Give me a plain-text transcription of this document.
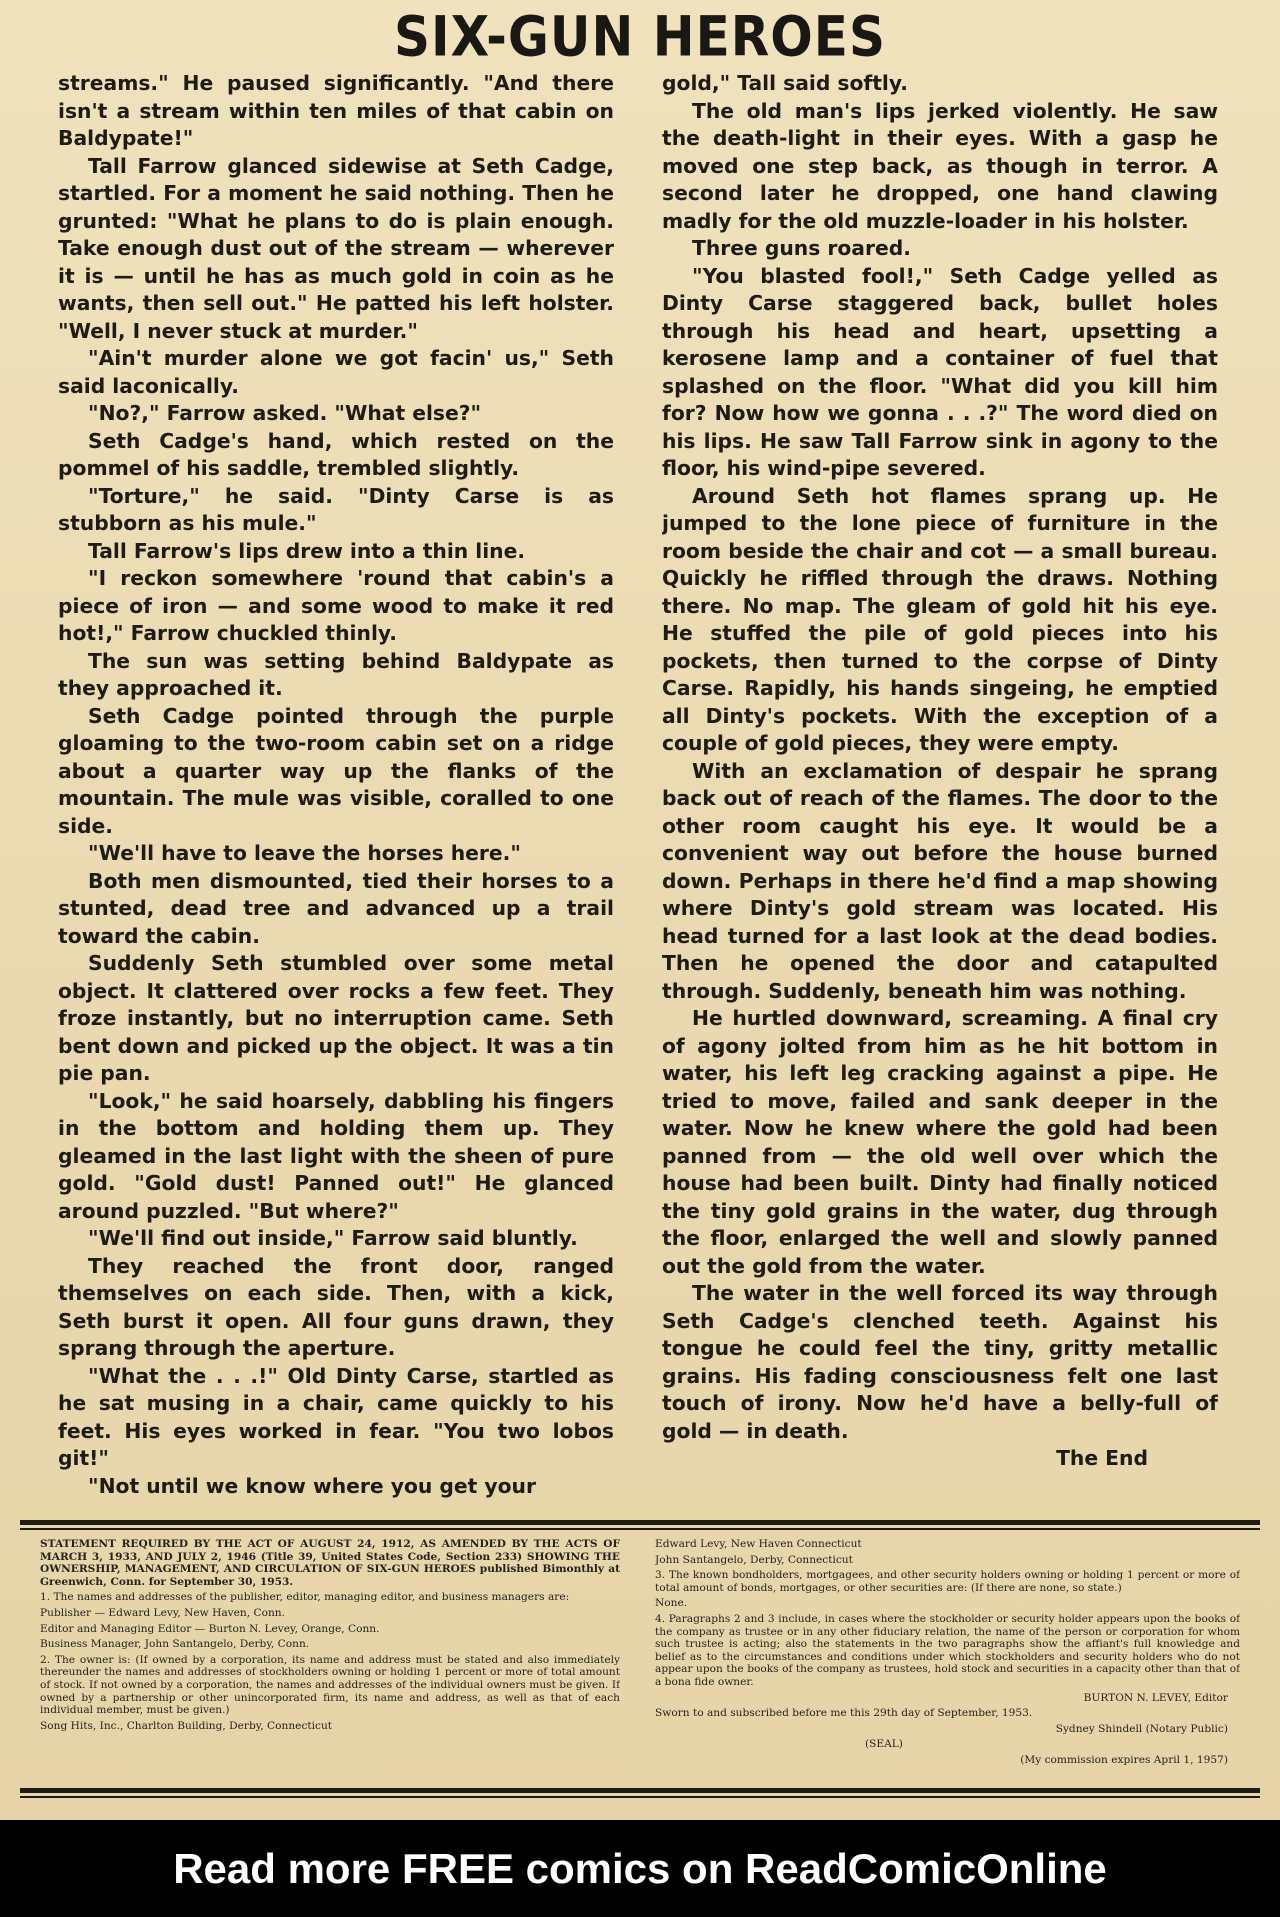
SIX-GUN HEROES

streams." He paused significantly. "And there isn't a stream within ten miles of that cabin on Baldypate!"

Tall Farrow glanced sidewise at Seth Cadge, startled. For a moment he said nothing. Then he grunted: "What he plans to do is plain enough. Take enough dust out of the stream — wherever it is — until he has as much gold in coin as he wants, then sell out." He patted his left holster. "Well, I never stuck at murder."

"Ain't murder alone we got facin' us," Seth said laconically.

"No?," Farrow asked. "What else?"

Seth Cadge's hand, which rested on the pommel of his saddle, trembled slightly.

"Torture," he said. "Dinty Carse is as stubborn as his mule."

Tall Farrow's lips drew into a thin line.

"I reckon somewhere 'round that cabin's a piece of iron — and some wood to make it red hot!," Farrow chuckled thinly.

The sun was setting behind Baldypate as they approached it.

Seth Cadge pointed through the purple gloaming to the two-room cabin set on a ridge about a quarter way up the flanks of the mountain. The mule was visible, coralled to one side.

"We'll have to leave the horses here."

Both men dismounted, tied their horses to a stunted, dead tree and advanced up a trail toward the cabin.

Suddenly Seth stumbled over some metal object. It clattered over rocks a few feet. They froze instantly, but no interruption came. Seth bent down and picked up the object. It was a tin pie pan.

"Look," he said hoarsely, dabbling his fingers in the bottom and holding them up. They gleamed in the last light with the sheen of pure gold. "Gold dust! Panned out!" He glanced around puzzled. "But where?"

"We'll find out inside," Farrow said bluntly.

They reached the front door, ranged themselves on each side. Then, with a kick, Seth burst it open. All four guns drawn, they sprang through the aperture.

"What the . . .!" Old Dinty Carse, startled as he sat musing in a chair, came quickly to his feet. His eyes worked in fear. "You two lobos git!"

"Not until we know where you get your

gold," Tall said softly.

The old man's lips jerked violently. He saw the death-light in their eyes. With a gasp he moved one step back, as though in terror. A second later he dropped, one hand clawing madly for the old muzzle-loader in his holster.

Three guns roared.

"You blasted fool!," Seth Cadge yelled as Dinty Carse staggered back, bullet holes through his head and heart, upsetting a kerosene lamp and a container of fuel that splashed on the floor. "What did you kill him for? Now how we gonna . . .?" The word died on his lips. He saw Tall Farrow sink in agony to the floor, his wind-pipe severed.

Around Seth hot flames sprang up. He jumped to the lone piece of furniture in the room beside the chair and cot — a small bureau. Quickly he riffled through the draws. Nothing there. No map. The gleam of gold hit his eye. He stuffed the pile of gold pieces into his pockets, then turned to the corpse of Dinty Carse. Rapidly, his hands singeing, he emptied all Dinty's pockets. With the exception of a couple of gold pieces, they were empty.

With an exclamation of despair he sprang back out of reach of the flames. The door to the other room caught his eye. It would be a convenient way out before the house burned down. Perhaps in there he'd find a map showing where Dinty's gold stream was located. His head turned for a last look at the dead bodies. Then he opened the door and catapulted through. Suddenly, beneath him was nothing.

He hurtled downward, screaming. A final cry of agony jolted from him as he hit bottom in water, his left leg cracking against a pipe. He tried to move, failed and sank deeper in the water. Now he knew where the gold had been panned from — the old well over which the house had been built. Dinty had finally noticed the tiny gold grains in the water, dug through the floor, enlarged the well and slowly panned out the gold from the water.

The water in the well forced its way through Seth Cadge's clenched teeth. Against his tongue he could feel the tiny, gritty metallic grains. His fading consciousness felt one last touch of irony. Now he'd have a belly-full of gold — in death.

The End

STATEMENT REQUIRED BY THE ACT OF AUGUST 24, 1912, AS AMENDED BY THE ACTS OF MARCH 3, 1933, AND JULY 2, 1946 (Title 39, United States Code, Section 233) SHOWING THE OWNERSHIP, MANAGEMENT, AND CIRCULATION OF SIX-GUN HEROES published Bimonthly at Greenwich, Conn. for September 30, 1953.

1. The names and addresses of the publisher, editor, managing editor, and business managers are:

Publisher — Edward Levy, New Haven, Conn.

Editor and Managing Editor — Burton N. Levey, Orange, Conn.

Business Manager, John Santangelo, Derby, Conn.

2. The owner is: (If owned by a corporation, its name and address must be stated and also immediately thereunder the names and addresses of stockholders owning or holding 1 percent or more of total amount of stock. If not owned by a corporation, the names and addresses of the individual owners must be given. If owned by a partnership or other unincorporated firm, its name and address, as well as that of each individual member, must be given.)

Song Hits, Inc., Charlton Building, Derby, Connecticut

Edward Levy, New Haven Connecticut

John Santangelo, Derby, Connecticut

3. The known bondholders, mortgagees, and other security holders owning or holding 1 percent or more of total amount of bonds, mortgages, or other securities are: (If there are none, so state.)

None.

4. Paragraphs 2 and 3 include, in cases where the stockholder or security holder appears upon the books of the company as trustee or in any other fiduciary relation, the name of the person or corporation for whom such trustee is acting; also the statements in the two paragraphs show the affiant's full knowledge and belief as to the circumstances and conditions under which stockholders and security holders who do not appear upon the books of the company as trustees, hold stock and securities in a capacity other than that of a bona fide owner.

BURTON N. LEVEY, Editor

Sworn to and subscribed before me this 29th day of September, 1953.

Sydney Shindell (Notary Public)

(SEAL)

(My commission expires April 1, 1957)

Read more FREE comics on ReadComicOnline
